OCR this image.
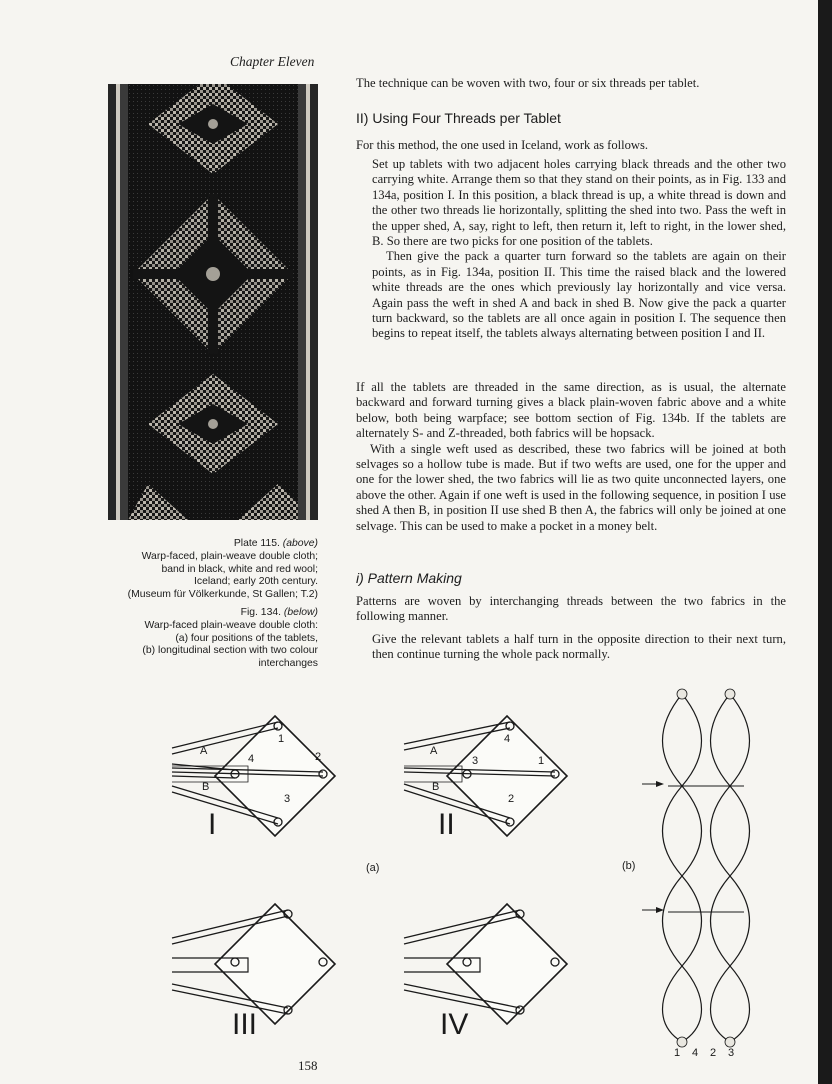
Chapter Eleven
Plate 115. (above)
Warp-faced, plain-weave double cloth;
band in black, white and red wool;
Iceland; early 20th century.
(Museum für Völkerkunde, St Gallen; T.2)
Fig. 134. (below)
Warp-faced plain-weave double cloth:
(a) four positions of the tablets,
(b) longitudinal section with two colour
interchanges

The technique can be woven with two, four or six threads per tablet.

II) Using Four Threads per Tablet

For this method, the one used in Iceland, work as follows.

Set up tablets with two adjacent holes carrying black threads and the other two carrying white. Arrange them so that they stand on their points, as in Fig. 133 and 134a, position I. In this position, a black thread is up, a white thread is down and the other two threads lie horizontally, splitting the shed into two. Pass the weft in the upper shed, A, say, right to left, then return it, left to right, in the lower shed, B. So there are two picks for one position of the tablets.

Then give the pack a quarter turn forward so the tablets are again on their points, as in Fig. 134a, position II. This time the raised black and the lowered white threads are the ones which previously lay horizontally and vice versa. Again pass the weft in shed A and back in shed B. Now give the pack a quarter turn backward, so the tablets are all once again in position I. The sequence then begins to repeat itself, the tablets always alternating between position I and II.

If all the tablets are threaded in the same direction, as is usual, the alternate backward and forward turning gives a black plain-woven fabric above and a white below, both being warpface; see bottom section of Fig. 134b. If the tablets are alternately S- and Z-threaded, both fabrics will be hopsack.

With a single weft used as described, these two fabrics will be joined at both selvages so a hollow tube is made. But if two wefts are used, one for the upper and one for the lower shed, the two fabrics will lie as two quite unconnected layers, one above the other. Again if one weft is used in the following sequence, in position I use shed A then B, in position II use shed B then A, the fabrics will only be joined at one selvage. This can be used to make a pocket in a money belt.

i) Pattern Making

Patterns are woven by interchanging threads between the two fabrics in the following manner.

Give the relevant tablets a half turn in the opposite direction to their next turn, then continue turning the whole pack normally.

A
B
1
2
3
4
A
B
4
1
2
3
I	II
III	IV
(a)	(b)
1 4 2 3
158
